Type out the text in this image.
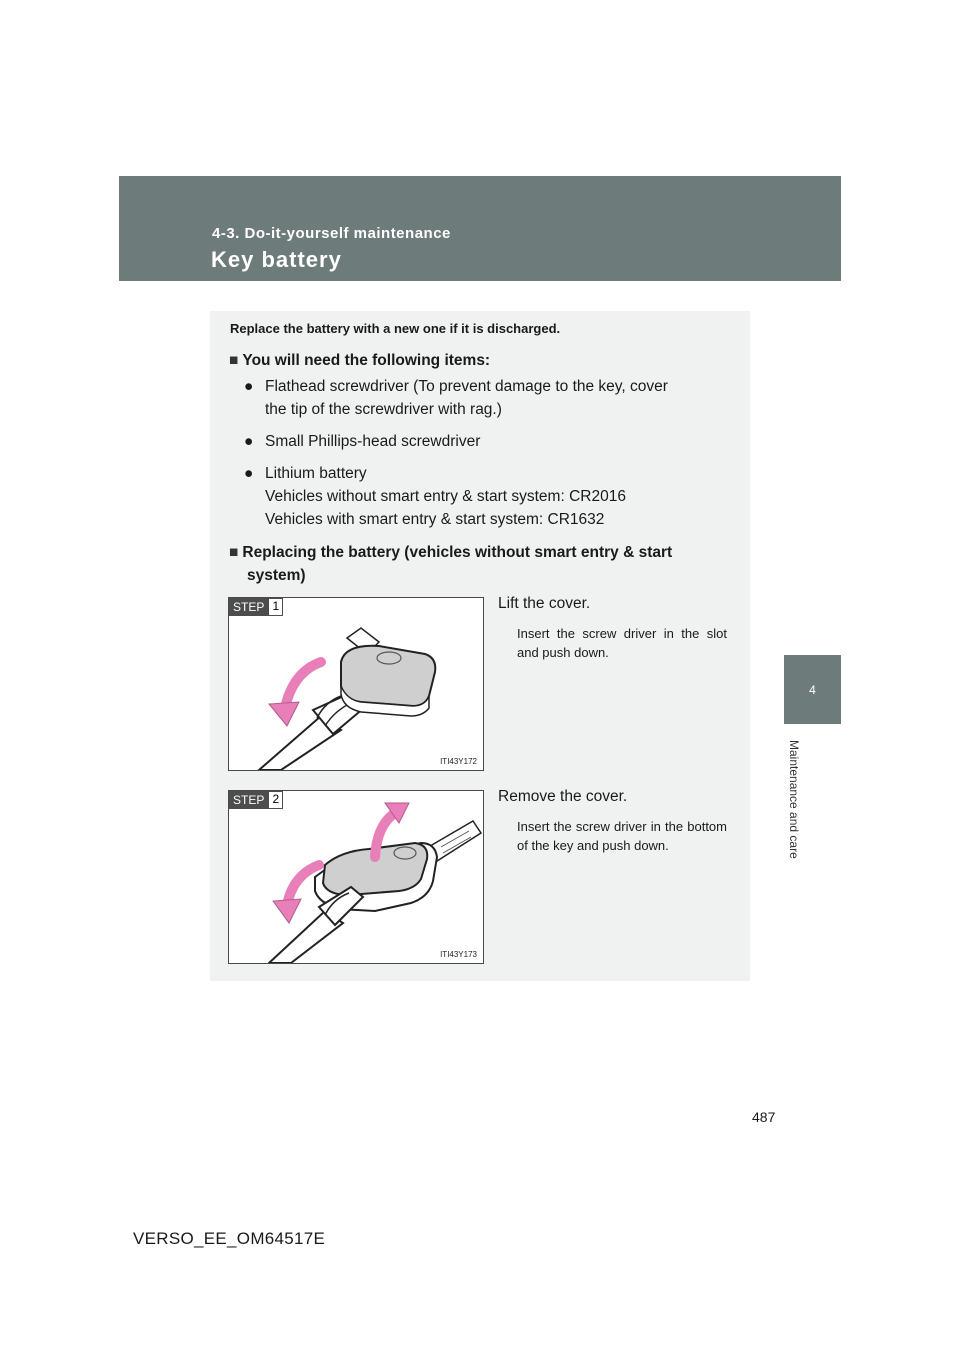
4-3. Do-it-yourself maintenance
Key battery
4
Maintenance and care
Replace the battery with a new one if it is discharged.
■ You will need the following items:
● Flathead screwdriver (To prevent damage to the key, cover
the tip of the screwdriver with rag.)
● Small Phillips-head screwdriver
● Lithium battery
Vehicles without smart entry & start system: CR2016
Vehicles with smart entry & start system: CR1632
■ Replacing the battery (vehicles without smart entry & start
system)
STEP 1
ITI43Y172
Lift the cover.
Insert the screw driver in the slot and push down.
STEP 2
ITI43Y173
Remove the cover.
Insert the screw driver in the bottom of the key and push down.
487
VERSO_EE_OM64517E
